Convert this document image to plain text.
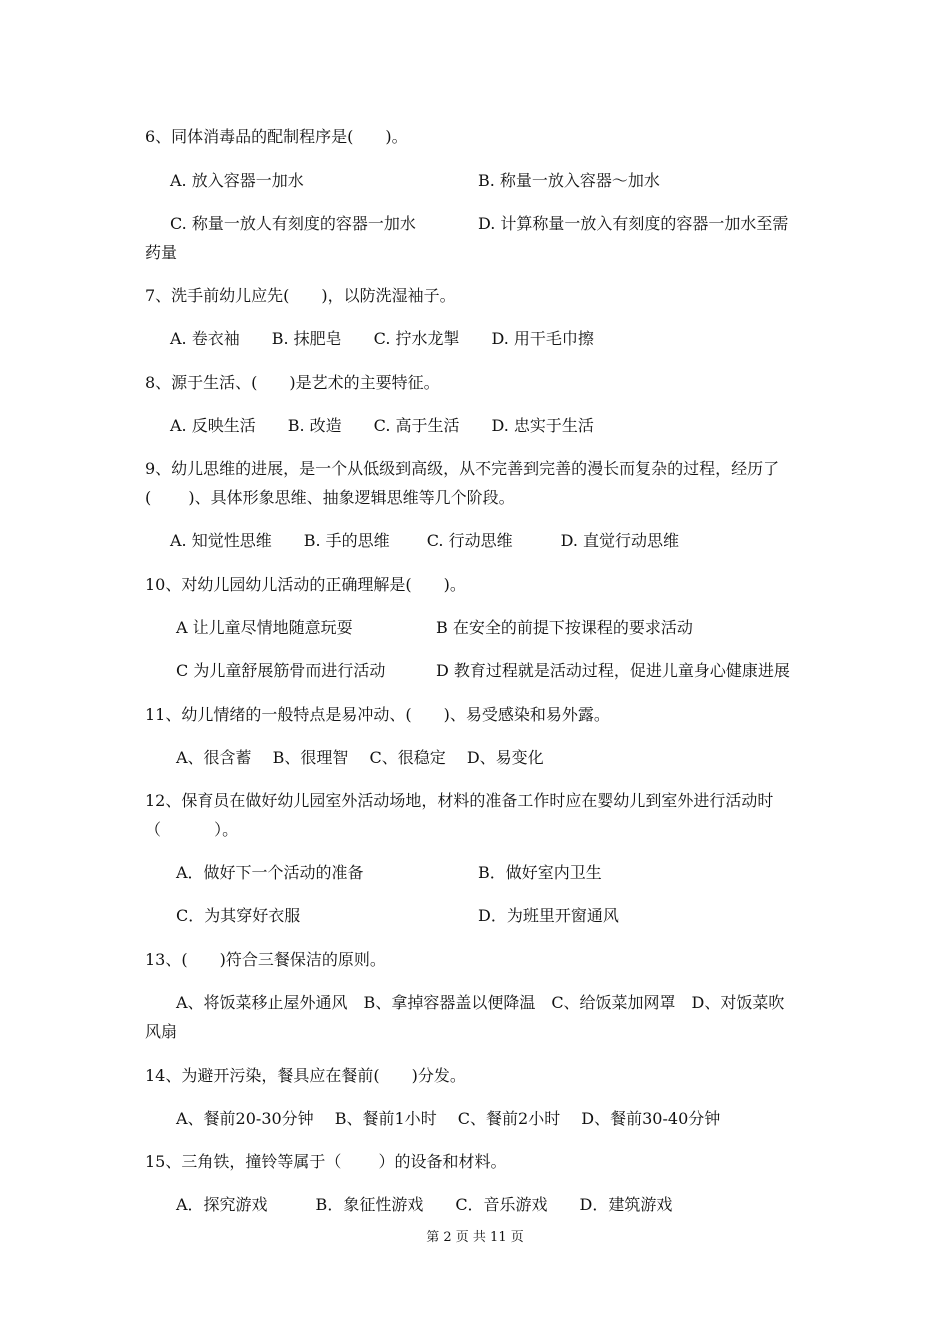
6、同体消毒品的配制程序是(　　)。
A. 放入容器一加水	B. 称量一放入容器～加水
C. 称量一放人有刻度的容器一加水	D. 计算称量一放入有刻度的容器一加水至需
药量
7、洗手前幼儿应先(　　)，以防洗湿袖子。
A. 卷衣袖　　B. 抹肥皂　　C. 拧水龙掣　　D. 用干毛巾擦
8、源于生活、(　　)是艺术的主要特征。
A. 反映生活　　B. 改造　　C. 高于生活　　D. 忠实于生活
9、幼儿思维的进展，是一个从低级到高级，从不完善到完善的漫长而复杂的过程，经历了
(　　 )、具体形象思维、抽象逻辑思维等几个阶段。
A. 知觉性思维　　B. 手的思维　　 C. 行动思维　　　D. 直觉行动思维
10、对幼儿园幼儿活动的正确理解是(　　)。
A 让儿童尽情地随意玩耍	B 在安全的前提下按课程的要求活动
C 为儿童舒展筋骨而进行活动	D 教育过程就是活动过程，促进儿童身心健康进展
11、幼儿情绪的一般特点是易冲动、(　　)、易受感染和易外露。
A、很含蓄　 B、很理智　 C、很稳定　 D、易变化
12、保育员在做好幼儿园室外活动场地，材料的准备工作时应在婴幼儿到室外进行活动时
（　　　 ）。
A．做好下一个活动的准备	B．做好室内卫生
C．为其穿好衣服	D．为班里开窗通风
13、(　　)符合三餐保洁的原则。
A、将饭菜移止屋外通风　B、拿掉容器盖以便降温　C、给饭菜加网罩　D、对饭菜吹
风扇
14、为避开污染，餐具应在餐前(　　)分发。
A、餐前20-30分钟　 B、餐前1小时　 C、餐前2小时　 D、餐前30-40分钟
15、三角铁，撞铃等属于（　　 ）的设备和材料。
A．探究游戏　　　B．象征性游戏　　C．音乐游戏　　D．建筑游戏
第 2 页 共 11 页
